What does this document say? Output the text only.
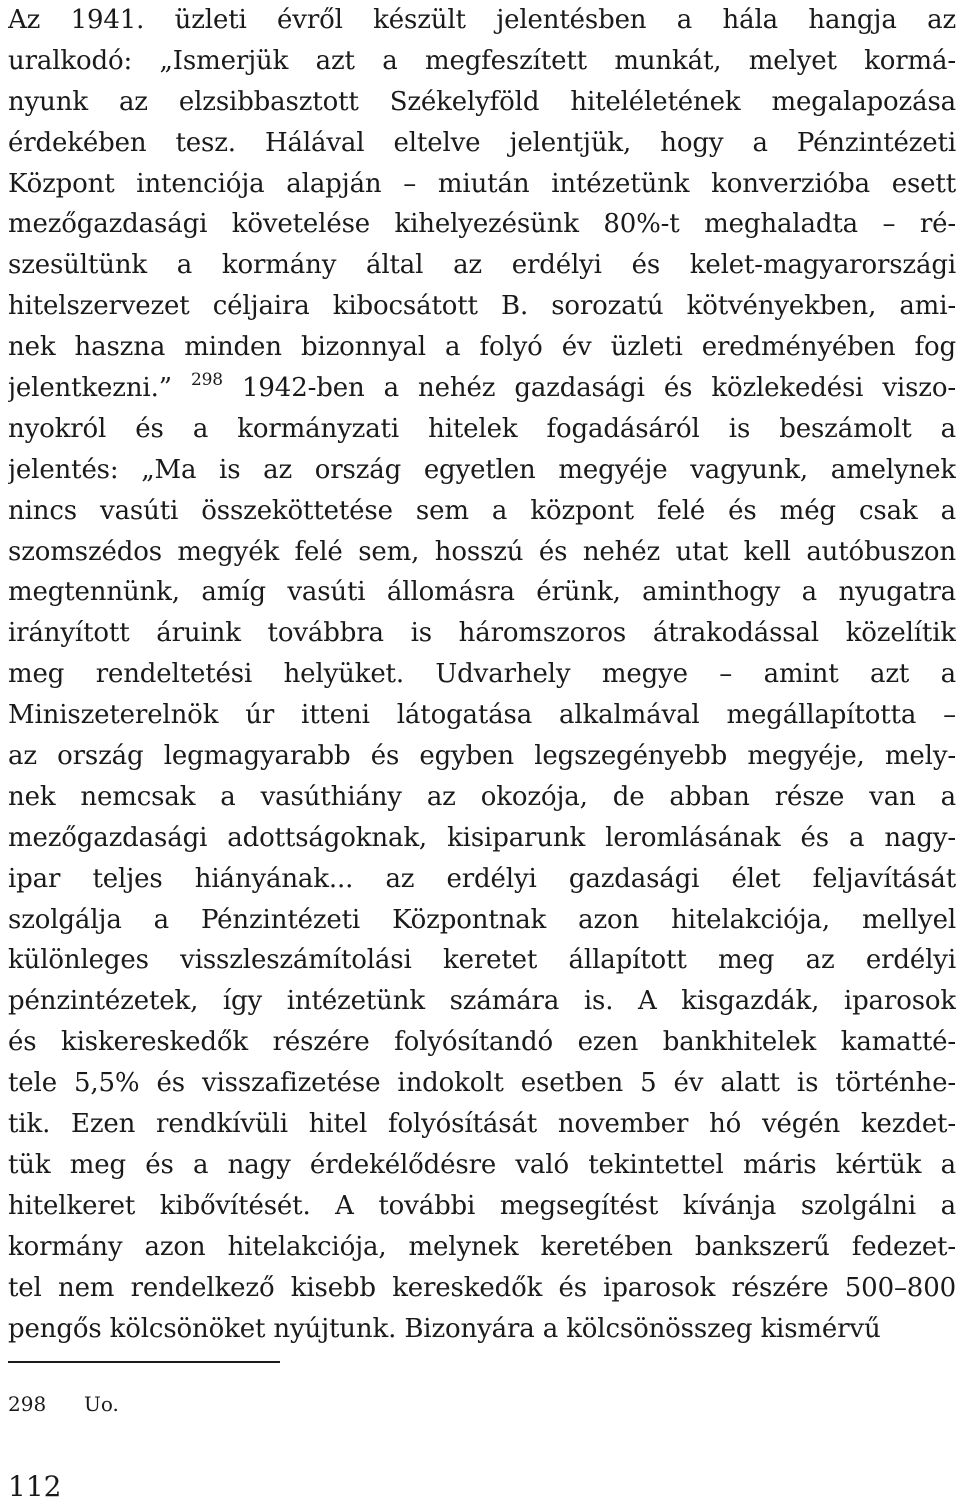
Az 1941. üzleti évről készült jelentésben a hála hangja az
uralkodó: „Ismerjük azt a megfeszített munkát, melyet kormá-
nyunk az elzsibbasztott Székelyföld hiteléletének megalapozása
érdekében tesz. Hálával eltelve jelentjük, hogy a Pénzintézeti
Központ intenciója alapján – miután intézetünk konverzióba esett
mezőgazdasági követelése kihelyezésünk 80%-t meghaladta – ré-
szesültünk a kormány által az erdélyi és kelet-magyarországi
hitelszervezet céljaira kibocsátott B. sorozatú kötvényekben, ami-
nek haszna minden bizonnyal a folyó év üzleti eredményében fog
jelentkezni.” $^{298}$ 1942-ben a nehéz gazdasági és közlekedési viszo-
nyokról és a kormányzati hitelek fogadásáról is beszámolt a
jelentés: „Ma is az ország egyetlen megyéje vagyunk, amelynek
nincs vasúti összeköttetése sem a központ felé és még csak a
szomszédos megyék felé sem, hosszú és nehéz utat kell autóbuszon
megtennünk, amíg vasúti állomásra érünk, aminthogy a nyugatra
irányított áruink továbbra is háromszoros átrakodással közelítik
meg rendeltetési helyüket. Udvarhely megye – amint azt a
Miniszeterelnök úr itteni látogatása alkalmával megállapította –
az ország legmagyarabb és egyben legszegényebb megyéje, mely-
nek nemcsak a vasúthiány az okozója, de abban része van a
mezőgazdasági adottságoknak, kisiparunk leromlásának és a nagy-
ipar teljes hiányának... az erdélyi gazdasági élet feljavítását
szolgálja a Pénzintézeti Központnak azon hitelakciója, mellyel
különleges visszleszámítolási keretet állapított meg az erdélyi
pénzintézetek, így intézetünk számára is. A kisgazdák, iparosok
és kiskereskedők részére folyósítandó ezen bankhitelek kamatté-
tele 5,5% és visszafizetése indokolt esetben 5 év alatt is történhe-
tik. Ezen rendkívüli hitel folyósítását november hó végén kezdet-
tük meg és a nagy érdekélődésre való tekintettel máris kértük a
hitelkeret kibővítését. A további megsegítést kívánja szolgálni a
kormány azon hitelakciója, melynek keretében bankszerű fedezet-
tel nem rendelkező kisebb kereskedők és iparosok részére 500–800
pengős kölcsönöket nyújtunk. Bizonyára a kölcsönösszeg kismérvű
298 Uo.
112
